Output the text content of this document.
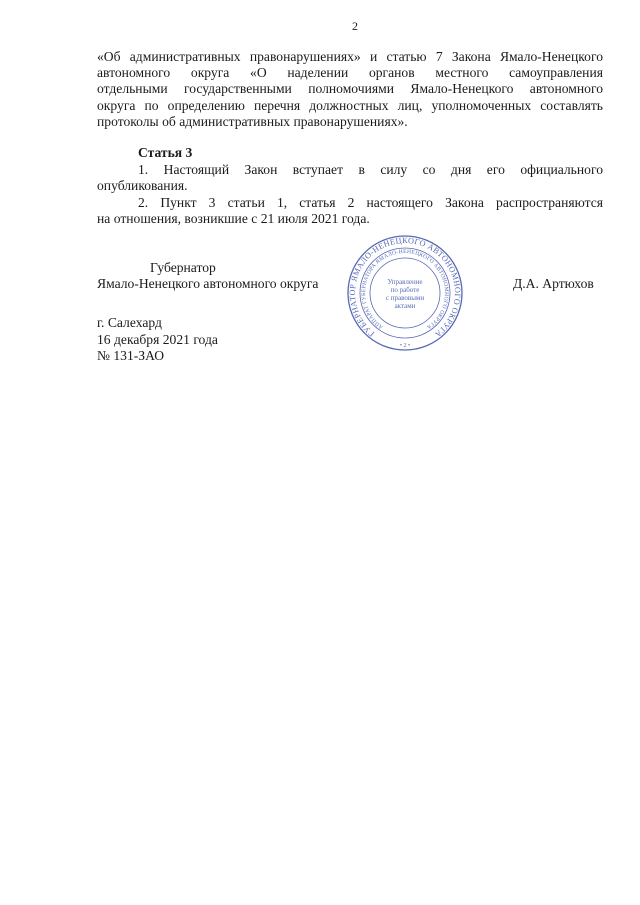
2
«Об административных правонарушениях» и статью 7 Закона Ямало-Ненецкого
автономного округа «О наделении органов местного самоуправления
отдельными государственными полномочиями Ямало-Ненецкого автономного
округа по определению перечня должностных лиц, уполномоченных составлять
протоколы об административных правонарушениях».
Статья 3
1. Настоящий Закон вступает в силу со дня его официального
опубликования.
2. Пункт 3 статьи 1, статья 2 настоящего Закона распространяются
на отношения, возникшие с 21 июля 2021 года.
ГУБЕРНАТОР ЯМАЛО-НЕНЕЦКОГО АВТОНОМНОГО ОКРУГА
АППАРАТ ГУБЕРНАТОРА ЯМАЛО-НЕНЕЦКОГО АВТОНОМНОГО ОКРУГА
Управление
по работе
с правовыми
актами
• 2 •
Губернатор
Ямало-Ненецкого автономного округа	Д.А. Артюхов
г. Салехард
16 декабря 2021 года
№ 131-ЗАО
